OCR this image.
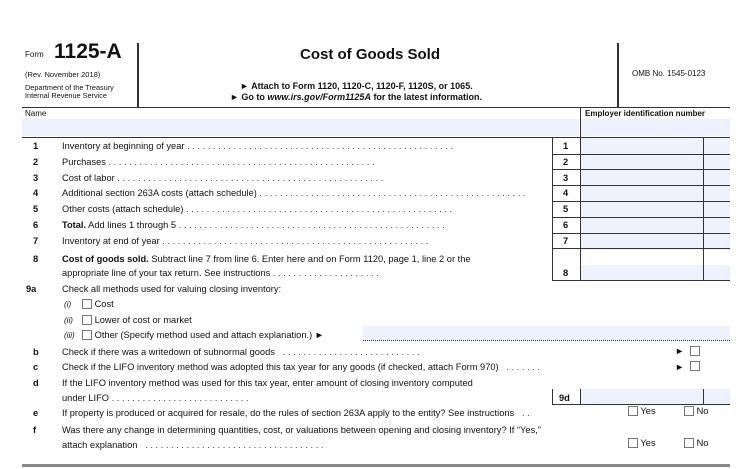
Form 1125-A
(Rev. November 2018)
Department of the Treasury
Internal Revenue Service
Cost of Goods Sold
► Attach to Form 1120, 1120-C, 1120-F, 1120S, or 1065.
► Go to www.irs.gov/Form1125A for the latest information.
OMB No. 1545-0123
Name	Employer identification number
1	Inventory at beginning of year . . . . . . . . . . . . . . . . . . . . . . . . . . . . . . . . . . . . . . . . . . . . . . . . . . . .	1
2	Purchases . . . . . . . . . . . . . . . . . . . . . . . . . . . . . . . . . . . . . . . . . . . . . . . . . . . .	2
3	Cost of labor . . . . . . . . . . . . . . . . . . . . . . . . . . . . . . . . . . . . . . . . . . . . . . . . . . . .	3
4	Additional section 263A costs (attach schedule) . . . . . . . . . . . . . . . . . . . . . . . . . . . . . . . . . . . . . . . . . . . . . . . . . . . .	4
5	Other costs (attach schedule) . . . . . . . . . . . . . . . . . . . . . . . . . . . . . . . . . . . . . . . . . . . . . . . . . . . .	5
6	Total. Add lines 1 through 5 . . . . . . . . . . . . . . . . . . . . . . . . . . . . . . . . . . . . . . . . . . . . . . . . . . . .	6
7	Inventory at end of year . . . . . . . . . . . . . . . . . . . . . . . . . . . . . . . . . . . . . . . . . . . . . . . . . . . .	7
8	Cost of goods sold. Subtract line 7 from line 6. Enter here and on Form 1120, page 1, line 2 or the
appropriate line of your tax return. See instructions . . . . . . . . . . . . . . . . . . . . .	8
9a	Check all methods used for valuing closing inventory:
(i)	Cost
(ii) Lower of cost or market
(iii) Other (Specify method used and attach explanation.) ►
b	Check if there was a writedown of subnormal goods   . . . . . . . . . . . . . . . . . . . . . . . . . . .	►
c	Check if the LIFO inventory method was adopted this tax year for any goods (if checked, attach Form 970)   . . . . . . .	►
d	If the LIFO inventory method was used for this tax year, enter amount of closing inventory computed
under LIFO . . . . . . . . . . . . . . . . . . . . . . . . . . .	9d
e	If property is produced or acquired for resale, do the rules of section 263A apply to the entity? See instructions   . .	Yes	No
f	Was there any change in determining quantities, cost, or valuations between opening and closing inventory? If “Yes,”
attach explanation   . . . . . . . . . . . . . . . . . . . . . . . . . . . . . . . . . . .	Yes	No
